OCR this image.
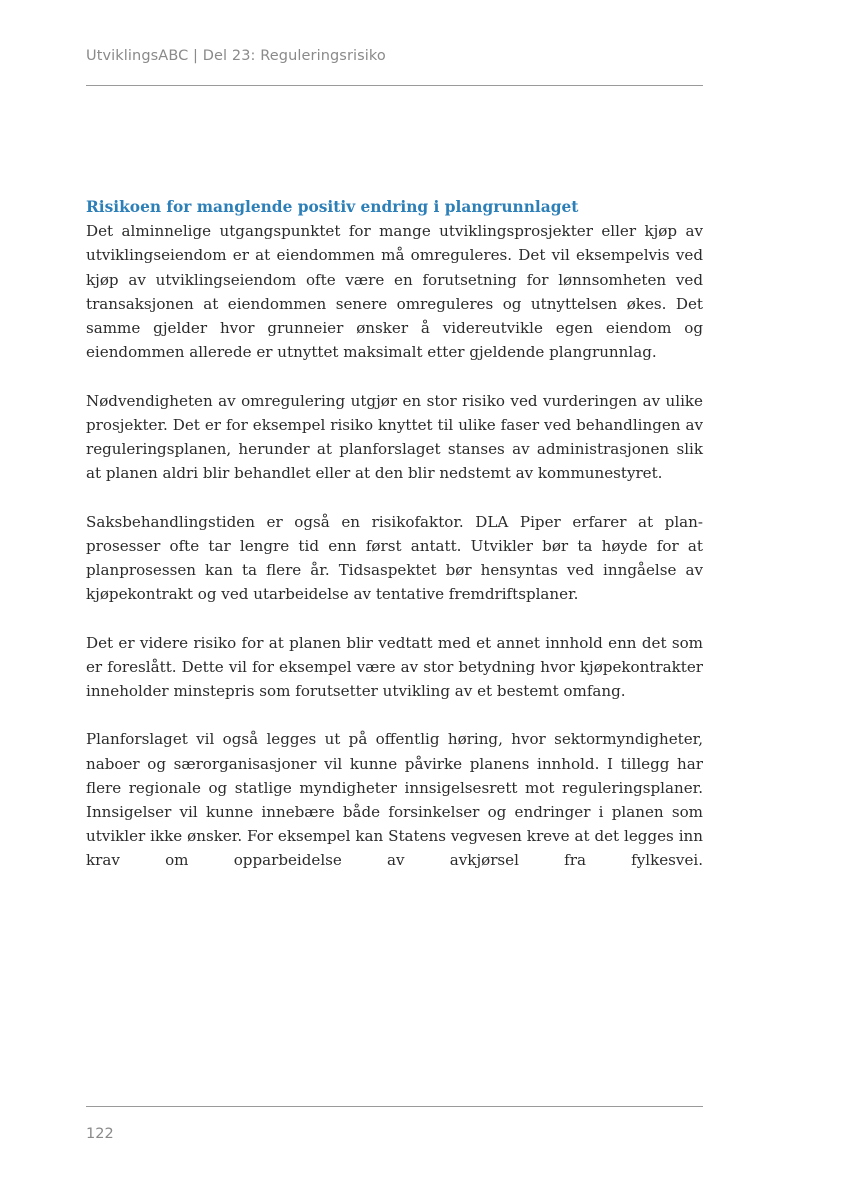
UtviklingsABC | Del 23: Reguleringsrisiko
Risikoen for manglende positiv endring i plangrunnlaget

Det alminnelige utgangspunktet for mange utviklingsprosjekter eller kjøp av utviklingseiendom er at eiendommen må omreguleres. Det vil eksempelvis ved kjøp av utviklingseiendom ofte være en forutsetning for lønnsomheten ved transaksjonen at eiendommen senere omreguleres og utnyttelsen økes. Det samme gjelder hvor grunneier ønsker å videreutvikle egen eiendom og eiendommen allerede er utnyttet maksimalt etter gjeldende plangrunnlag.

Nødvendigheten av omregulering utgjør en stor risiko ved vurderingen av ulike prosjekter. Det er for eksempel risiko knyttet til ulike faser ved behandlingen av reguleringsplanen, herunder at planforslaget stanses av administrasjonen slik at planen aldri blir behandlet eller at den blir nedstemt av kommunestyret.

Saksbehandlingstiden er også en risikofaktor. DLA Piper erfarer at planprosesser ofte tar lengre tid enn først antatt. Utvikler bør ta høyde for at planprosessen kan ta flere år. Tidsaspektet bør hensyntas ved inngåelse av kjøpekontrakt og ved utarbeidelse av tentative fremdriftsplaner.

Det er videre risiko for at planen blir vedtatt med et annet innhold enn det som er foreslått. Dette vil for eksempel være av stor betydning hvor kjøpekontrakter inneholder minstepris som forutsetter utvikling av et bestemt omfang.

Planforslaget vil også legges ut på offentlig høring, hvor sektormyndigheter, naboer og særorganisasjoner vil kunne påvirke planens innhold. I tillegg har flere regionale og statlige myndigheter innsigelsesrett mot reguleringsplaner. Innsigelser vil kunne innebære både forsinkelser og endringer i planen som utvikler ikke ønsker. For eksempel kan Statens vegvesen kreve at det legges inn krav om opparbeidelse av avkjørsel fra fylkesvei.

122
